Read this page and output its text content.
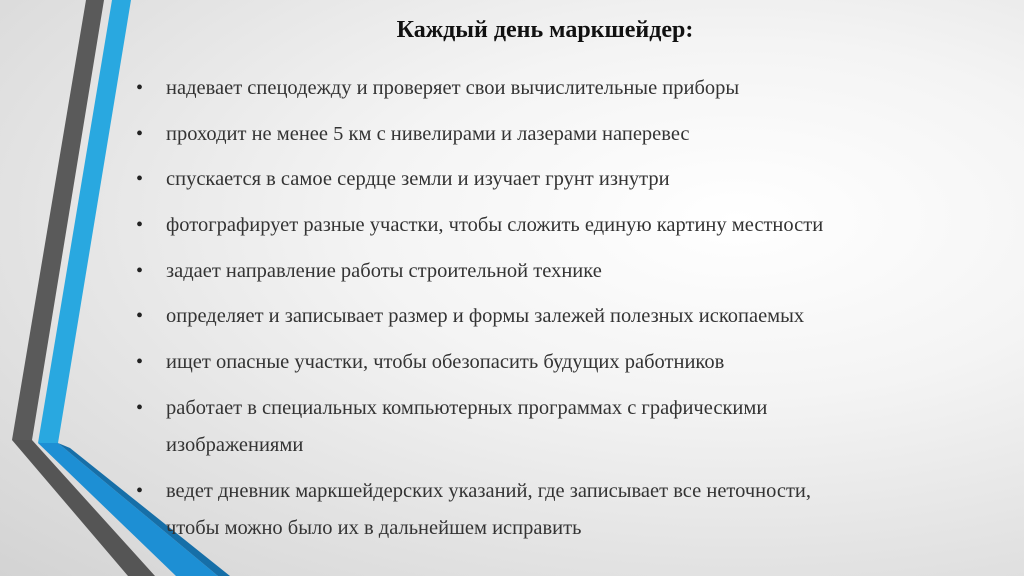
Каждый день маркшейдер:
•	надевает спецодежду и проверяет свои вычислительные приборы
•	проходит не менее 5 км с нивелирами и лазерами наперевес
•	спускается в самое сердце земли и изучает грунт изнутри
•	фотографирует разные участки, чтобы сложить единую картину местности
•	задает направление работы строительной технике
•	определяет и записывает размер и формы залежей полезных ископаемых
•	ищет опасные участки, чтобы обезопасить будущих работников
•	работает в специальных компьютерных программах с графическими
изображениями
•	ведет дневник маркшейдерских указаний, где записывает все неточности,
чтобы можно было их в дальнейшем исправить
